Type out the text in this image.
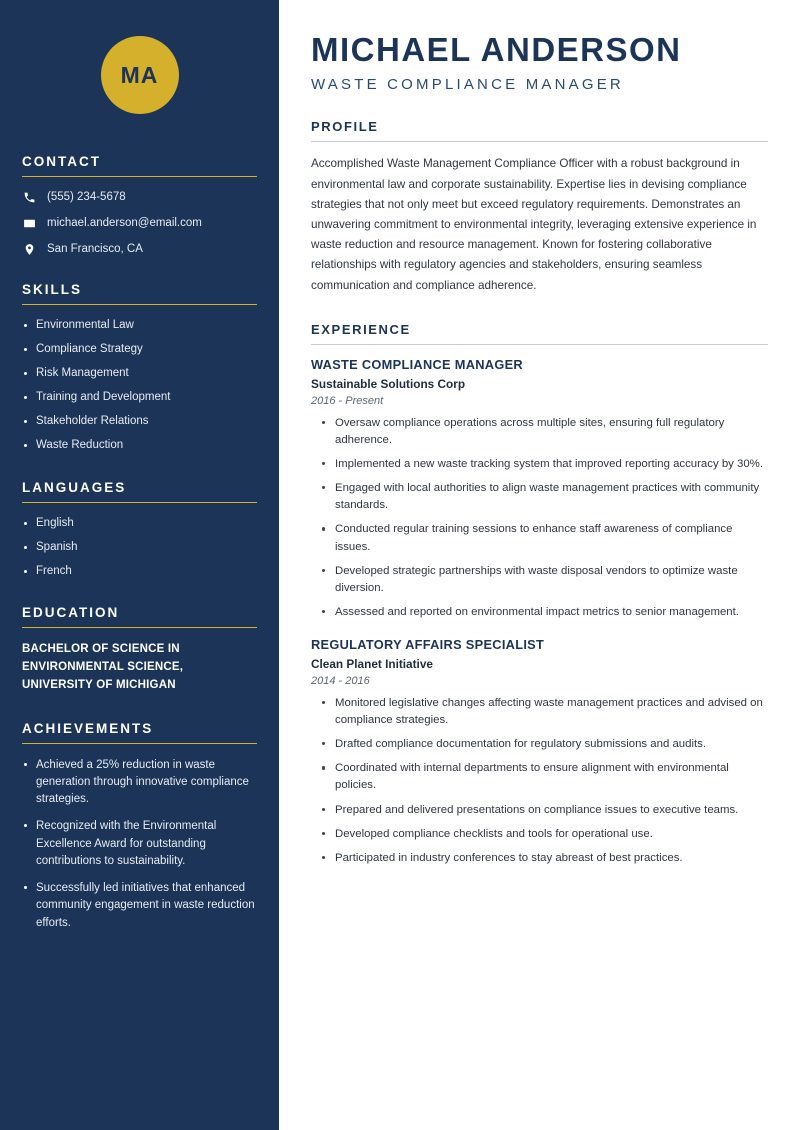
MA
CONTACT
(555) 234-5678
michael.anderson@email.com
San Francisco, CA
SKILLS
Environmental Law
Compliance Strategy
Risk Management
Training and Development
Stakeholder Relations
Waste Reduction
LANGUAGES
English
Spanish
French
EDUCATION
BACHELOR OF SCIENCE IN ENVIRONMENTAL SCIENCE, UNIVERSITY OF MICHIGAN
ACHIEVEMENTS
Achieved a 25% reduction in waste generation through innovative compliance strategies.
Recognized with the Environmental Excellence Award for outstanding contributions to sustainability.
Successfully led initiatives that enhanced community engagement in waste reduction efforts.
MICHAEL ANDERSON
WASTE COMPLIANCE MANAGER
PROFILE

Accomplished Waste Management Compliance Officer with a robust background in environmental law and corporate sustainability. Expertise lies in devising compliance strategies that not only meet but exceed regulatory requirements. Demonstrates an unwavering commitment to environmental integrity, leveraging extensive experience in waste reduction and resource management. Known for fostering collaborative relationships with regulatory agencies and stakeholders, ensuring seamless communication and compliance adherence.

EXPERIENCE
WASTE COMPLIANCE MANAGER
Sustainable Solutions Corp
2016 - Present
Oversaw compliance operations across multiple sites, ensuring full regulatory adherence.
Implemented a new waste tracking system that improved reporting accuracy by 30%.
Engaged with local authorities to align waste management practices with community standards.
Conducted regular training sessions to enhance staff awareness of compliance issues.
Developed strategic partnerships with waste disposal vendors to optimize waste diversion.
Assessed and reported on environmental impact metrics to senior management.
REGULATORY AFFAIRS SPECIALIST
Clean Planet Initiative
2014 - 2016
Monitored legislative changes affecting waste management practices and advised on compliance strategies.
Drafted compliance documentation for regulatory submissions and audits.
Coordinated with internal departments to ensure alignment with environmental policies.
Prepared and delivered presentations on compliance issues to executive teams.
Developed compliance checklists and tools for operational use.
Participated in industry conferences to stay abreast of best practices.
